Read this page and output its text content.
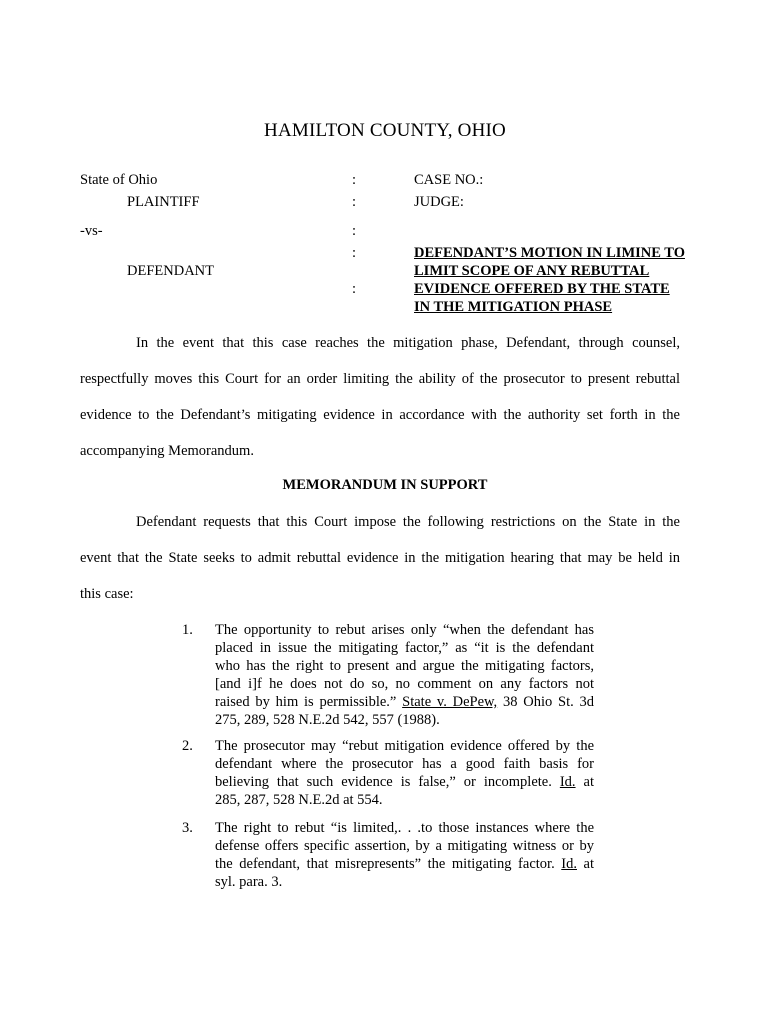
HAMILTON COUNTY, OHIO
State of Ohio
PLAINTIFF
-vs-
DEFENDANT
:
:
:
:
:
CASE NO.:
JUDGE:
DEFENDANT’S MOTION IN LIMINE TO
LIMIT SCOPE OF ANY REBUTTAL
EVIDENCE OFFERED BY THE STATE
IN THE MITIGATION PHASE
In the event that this case reaches the mitigation phase, Defendant, through counsel,
respectfully moves this Court for an order limiting the ability of the prosecutor to present rebuttal
evidence to the Defendant’s mitigating evidence in accordance with the authority set forth in the
accompanying Memorandum.
MEMORANDUM IN SUPPORT
Defendant requests that this Court impose the following restrictions on the State in the
event that the State seeks to admit rebuttal evidence in the mitigation hearing that may be held in
this case:
1. The opportunity to rebut arises only “when the defendant has
placed in issue the mitigating factor,” as “it is the defendant
who has the right to present and argue the mitigating factors,
[and i]f he does not do so, no comment on any factors not
raised by him is permissible.” State v. DePew, 38 Ohio St. 3d
275, 289, 528 N.E.2d 542, 557 (1988).
2. The prosecutor may “rebut mitigation evidence offered by the
defendant where the prosecutor has a good faith basis for
believing that such evidence is false,” or incomplete. Id. at
285, 287, 528 N.E.2d at 554.
3. The right to rebut “is limited,. . .to those instances where the
defense offers specific assertion, by a mitigating witness or by
the defendant, that misrepresents” the mitigating factor. Id. at
syl. para. 3.
